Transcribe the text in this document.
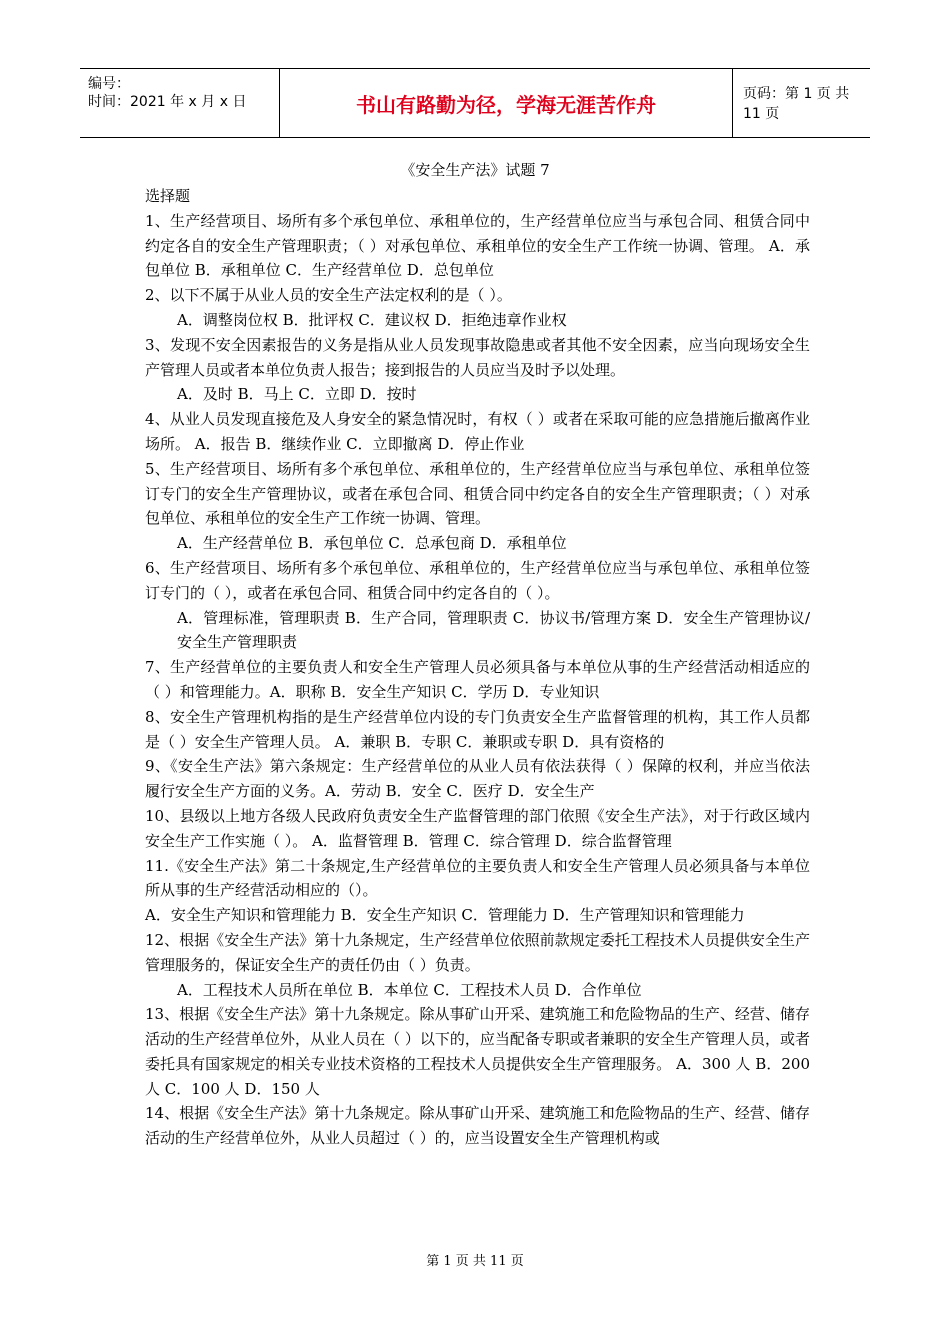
编号：
时间：2021 年 x 月 x 日	书山有路勤为径，学海无涯苦作舟	页码：第 1 页 共 11 页
《安全生产法》试题 7

选择题

1、生产经营项目、场所有多个承包单位、承租单位的，生产经营单位应当与承包合同、租赁合同中约定各自的安全生产管理职责；（ ）对承包单位、承租单位的安全生产工作统一协调、管理。 A．承包单位 B．承租单位 C．生产经营单位 D．总包单位

2、以下不属于从业人员的安全生产法定权利的是（ ）。

A．调整岗位权 B．批评权 C．建议权 D．拒绝违章作业权

3、发现不安全因素报告的义务是指从业人员发现事故隐患或者其他不安全因素，应当向现场安全生产管理人员或者本单位负责人报告；接到报告的人员应当及时予以处理。

A．及时 B．马上 C．立即 D．按时

4、从业人员发现直接危及人身安全的紧急情况时，有权（ ）或者在采取可能的应急措施后撤离作业场所。 A．报告 B．继续作业 C．立即撤离 D．停止作业

5、生产经营项目、场所有多个承包单位、承租单位的，生产经营单位应当与承包单位、承租单位签订专门的安全生产管理协议，或者在承包合同、租赁合同中约定各自的安全生产管理职责；（ ）对承包单位、承租单位的安全生产工作统一协调、管理。

A．生产经营单位 B．承包单位 C．总承包商 D．承租单位

6、生产经营项目、场所有多个承包单位、承租单位的，生产经营单位应当与承包单位、承租单位签订专门的（ ），或者在承包合同、租赁合同中约定各自的（ ）。

A．管理标准，管理职责 B．生产合同，管理职责 C．协议书/管理方案 D．安全生产管理协议/安全生产管理职责

7、生产经营单位的主要负责人和安全生产管理人员必须具备与本单位从事的生产经营活动相适应的（ ）和管理能力。A．职称 B．安全生产知识 C．学历 D．专业知识

8、安全生产管理机构指的是生产经营单位内设的专门负责安全生产监督管理的机构，其工作人员都是（ ）安全生产管理人员。 A．兼职 B．专职 C．兼职或专职 D．具有资格的

9、《安全生产法》第六条规定：生产经营单位的从业人员有依法获得（ ）保障的权利，并应当依法履行安全生产方面的义务。A．劳动 B．安全 C．医疗 D．安全生产

10、县级以上地方各级人民政府负责安全生产监督管理的部门依照《安全生产法》，对于行政区域内安全生产工作实施（ ）。 A．监督管理 B．管理 C．综合管理 D．综合监督管理

11.《安全生产法》第二十条规定,生产经营单位的主要负责人和安全生产管理人员必须具备与本单位所从事的生产经营活动相应的（）。

A．安全生产知识和管理能力 B．安全生产知识 C．管理能力 D．生产管理知识和管理能力

12、根据《安全生产法》第十九条规定，生产经营单位依照前款规定委托工程技术人员提供安全生产管理服务的，保证安全生产的责任仍由（ ）负责。

A．工程技术人员所在单位 B．本单位 C．工程技术人员 D．合作单位

13、根据《安全生产法》第十九条规定。除从事矿山开采、建筑施工和危险物品的生产、经营、储存活动的生产经营单位外，从业人员在（ ）以下的，应当配备专职或者兼职的安全生产管理人员，或者委托具有国家规定的相关专业技术资格的工程技术人员提供安全生产管理服务。 A．300 人 B．200 人 C．100 人 D．150 人

14、根据《安全生产法》第十九条规定。除从事矿山开采、建筑施工和危险物品的生产、经营、储存活动的生产经营单位外，从业人员超过（ ）的，应当设置安全生产管理机构或

第 1 页 共 11 页
